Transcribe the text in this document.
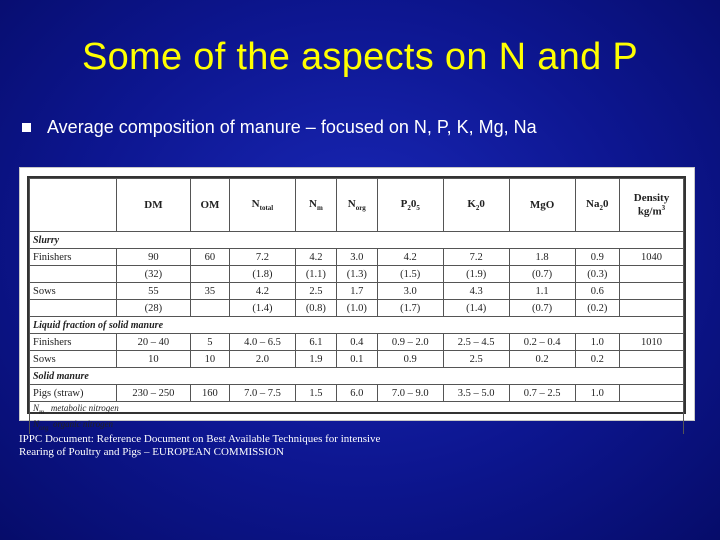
Some of the aspects on N and P
Average composition of manure – focused on N, P, K, Mg, Na
	DM	OM	$N_{total}$	$N_m$	$N_{org}$	$P_20_5$	$K_20$	MgO	$Na_20$	Density
$kg/m^3$
Slurry										
Finishers	90	60	7.2	4.2	3.0	4.2	7.2	1.8	0.9	1040
	(32)		(1.8)	(1.1)	(1.3)	(1.5)	(1.9)	(0.7)	(0.3)	
Sows	55	35	4.2	2.5	1.7	3.0	4.3	1.1	0.6	
	(28)		(1.4)	(0.8)	(1.0)	(1.7)	(1.4)	(0.7)	(0.2)	
Liquid fraction of solid manure										
Finishers	20 – 40	5	4.0 – 6.5	6.1	0.4	0.9 – 2.0	2.5 – 4.5	0.2 – 0.4	1.0	1010
Sows	10	10	2.0	1.9	0.1	0.9	2.5	0.2	0.2	
Solid manure										
Pigs (straw)	230 – 250	160	7.0 – 7.5	1.5	6.0	7.0 – 9.0	3.5 – 5.0	0.7 – 2.5	1.0	

$N_m$ metabolic nitrogen
$N_{org}$ organic nitrogen										
IPPC Document: Reference Document on Best Available Techniques for intensive
Rearing of Poultry and Pigs – EUROPEAN COMMISSION
